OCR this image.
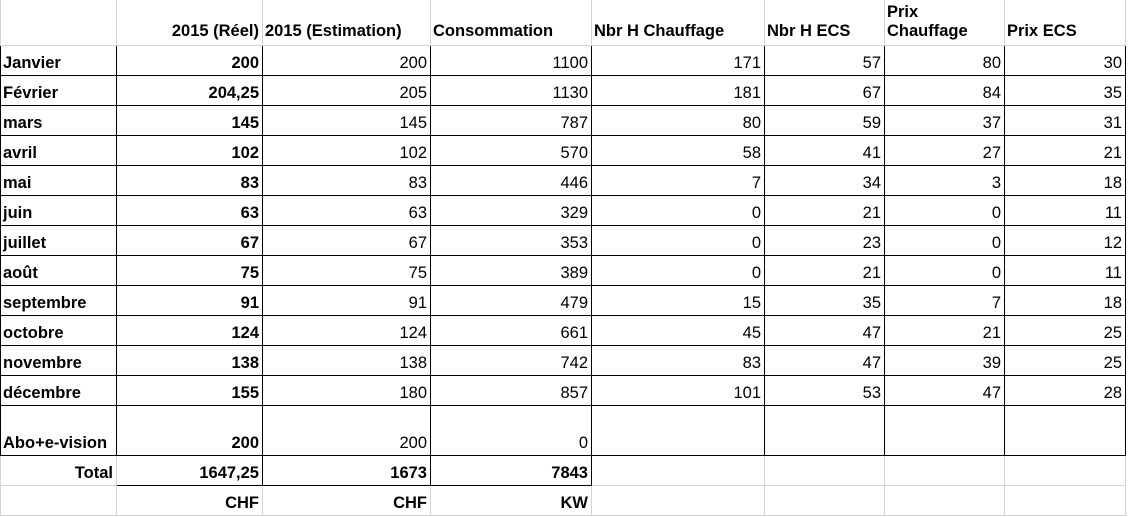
	2015 (Réel)	2015 (Estimation)	Consommation	Nbr H Chauffage	Nbr H ECS	Prix Chauffage	Prix ECS
Janvier	200	200	1100	171	57	80	30
Février	204,25	205	1130	181	67	84	35
mars	145	145	787	80	59	37	31
avril	102	102	570	58	41	27	21
mai	83	83	446	7	34	3	18
juin	63	63	329	0	21	0	11
juillet	67	67	353	0	23	0	12
août	75	75	389	0	21	0	11
septembre	91	91	479	15	35	7	18
octobre	124	124	661	45	47	21	25
novembre	138	138	742	83	47	39	25
décembre	155	180	857	101	53	47	28
Abo+e-vision	200	200	0				
Total	1647,25	1673	7843				
	CHF	CHF	KW				
